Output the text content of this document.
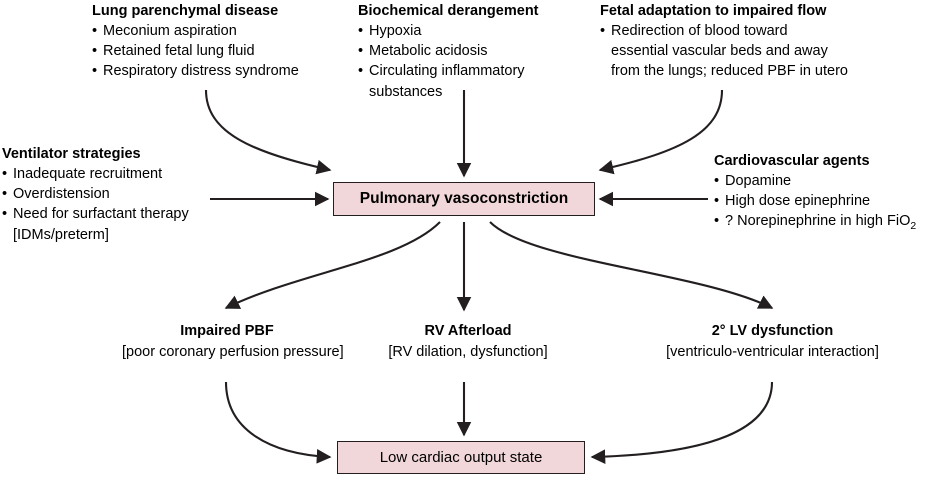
Lung parenchymal disease
• Meconium aspiration
• Retained fetal lung fluid
• Respiratory distress syndrome
Biochemical derangement
• Hypoxia
• Metabolic acidosis
• Circulating inflammatory
substances
Fetal adaptation to impaired flow
• Redirection of blood toward
essential vascular beds and away
from the lungs; reduced PBF in utero
Ventilator strategies
• Inadequate recruitment
• Overdistension
• Need for surfactant therapy
[IDMs/preterm]
Cardiovascular agents
• Dopamine
• High dose epinephrine
• ? Norepinephrine in high FiO$_2$
Pulmonary vasoconstriction
Impaired PBF
[poor coronary perfusion pressure]
RV Afterload
[RV dilation, dysfunction]
2° LV dysfunction
[ventriculo-ventricular interaction]
Low cardiac output state
